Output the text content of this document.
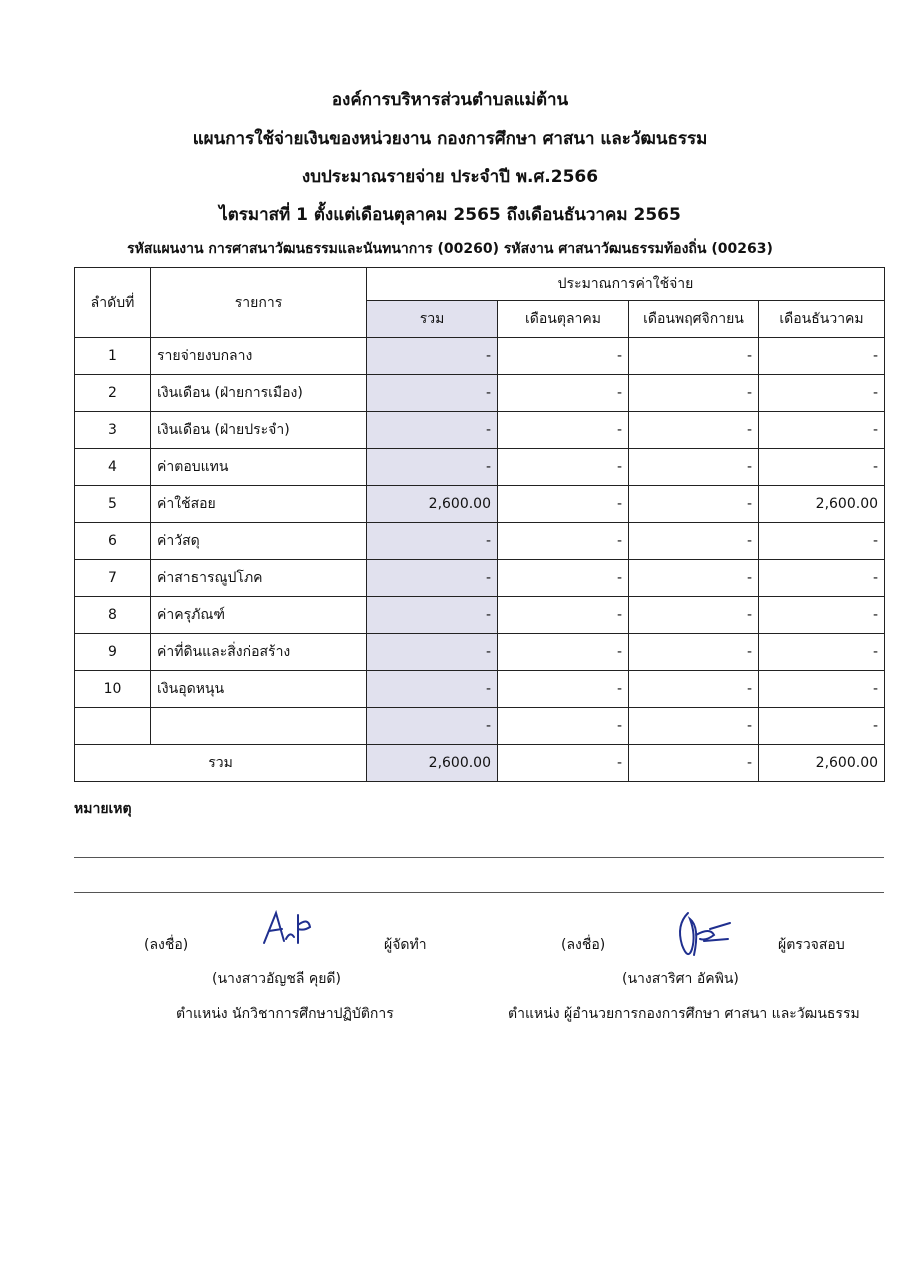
องค์การบริหารส่วนตำบลแม่ต้าน
แผนการใช้จ่ายเงินของหน่วยงาน กองการศึกษา ศาสนา และวัฒนธรรม
งบประมาณรายจ่าย ประจำปี พ.ศ.2566
ไตรมาสที่ 1 ตั้งแต่เดือนตุลาคม 2565 ถึงเดือนธันวาคม 2565
รหัสแผนงาน การศาสนาวัฒนธรรมและนันทนาการ (00260) รหัสงาน ศาสนาวัฒนธรรมท้องถิ่น (00263)
ลำดับที่	รายการ	ประมาณการค่าใช้จ่าย			
		รวม	เดือนตุลาคม	เดือนพฤศจิกายน	เดือนธันวาคม
1	รายจ่ายงบกลาง	-	-	-	-
2	เงินเดือน (ฝ่ายการเมือง)	-	-	-	-
3	เงินเดือน (ฝ่ายประจำ)	-	-	-	-
4	ค่าตอบแทน	-	-	-	-
5	ค่าใช้สอย	2,600.00	-	-	2,600.00
6	ค่าวัสดุ	-	-	-	-
7	ค่าสาธารณูปโภค	-	-	-	-
8	ค่าครุภัณฑ์	-	-	-	-
9	ค่าที่ดินและสิ่งก่อสร้าง	-	-	-	-
10	เงินอุดหนุน	-	-	-	-
		-	-	-	-
รวม		2,600.00	-	-	2,600.00
หมายเหตุ
(ลงชื่อ)	ผู้จัดทำ
(นางสาวอัญชลี คุยดี)
ตำแหน่ง นักวิชาการศึกษาปฏิบัติการ
(ลงชื่อ)	ผู้ตรวจสอบ
(นางสาริศา อัคพิน)
ตำแหน่ง ผู้อำนวยการกองการศึกษา ศาสนา และวัฒนธรรม
